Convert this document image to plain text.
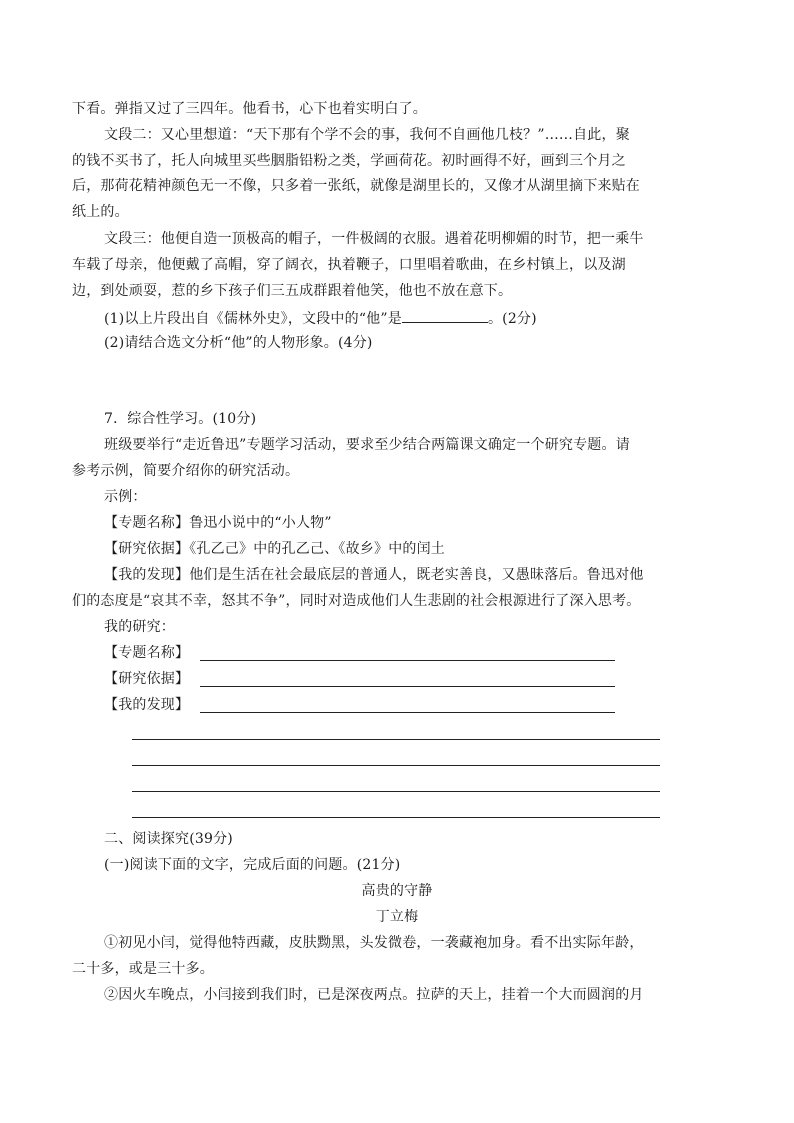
下看。弹指又过了三四年。他看书，心下也着实明白了。
文段二：又心里想道：“天下那有个学不会的事，我何不自画他几枝？”……自此，聚
的钱不买书了，托人向城里买些胭脂铅粉之类，学画荷花。初时画得不好，画到三个月之
后，那荷花精神颜色无一不像，只多着一张纸，就像是湖里长的，又像才从湖里摘下来贴在
纸上的。
文段三：他便自造一顶极高的帽子，一件极阔的衣服。遇着花明柳媚的时节，把一乘牛
车载了母亲，他便戴了高帽，穿了阔衣，执着鞭子，口里唱着歌曲，在乡村镇上，以及湖
边，到处顽耍，惹的乡下孩子们三五成群跟着他笑，他也不放在意下。
(1)以上片段出自《儒林外史》，文段中的“他”是	。(2分)
(2)请结合选文分析“他”的人物形象。(4分)
7．综合性学习。(10分)
班级要举行“走近鲁迅”专题学习活动，要求至少结合两篇课文确定一个研究专题。请
参考示例，简要介绍你的研究活动。
示例：
【专题名称】鲁迅小说中的“小人物”
【研究依据】《孔乙己》中的孔乙己、《故乡》中的闰土
【我的发现】他们是生活在社会最底层的普通人，既老实善良，又愚昧落后。鲁迅对他
们的态度是“哀其不幸，怒其不争”，同时对造成他们人生悲剧的社会根源进行了深入思考。
我的研究：
【专题名称】
【研究依据】
【我的发现】
二、阅读探究(39分)
(一)阅读下面的文字，完成后面的问题。(21分)
高贵的守静
丁立梅
①初见小闫，觉得他特西藏，皮肤黝黑，头发微卷，一袭藏袍加身。看不出实际年龄，
二十多，或是三十多。
②因火车晚点，小闫接到我们时，已是深夜两点。拉萨的天上，挂着一个大而圆润的月
